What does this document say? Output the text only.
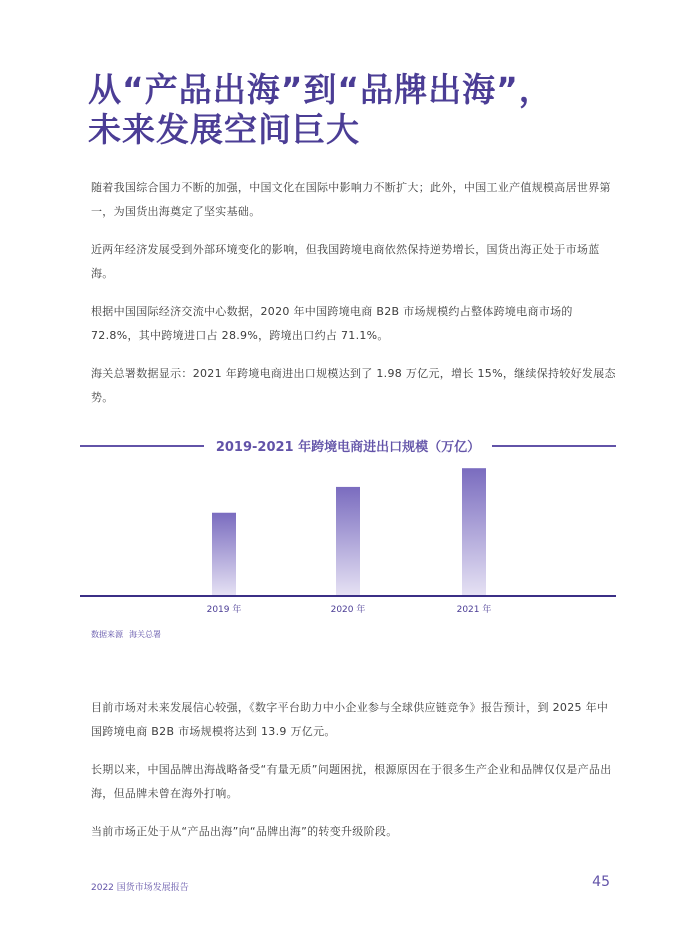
从“产品出海”到“品牌出海”，
未来发展空间巨大

随着我国综合国力不断的加强，中国文化在国际中影响力不断扩大；此外，中国工业产值规模高居世界第一，为国货出海奠定了坚实基础。

近两年经济发展受到外部环境变化的影响，但我国跨境电商依然保持逆势增长，国货出海正处于市场蓝海。

根据中国国际经济交流中心数据，2020 年中国跨境电商 B2B 市场规模约占整体跨境电商市场的 72.8%，其中跨境进口占 28.9%，跨境出口约占 71.1%。

海关总署数据显示：2021 年跨境电商进出口规模达到了 1.98 万亿元，增长 15%，继续保持较好发展态势。

2019 年	2020 年	2021 年
2019-2021 年跨境电商进出口规模（万亿）

数据来源 海关总署

目前市场对未来发展信心较强，《数字平台助力中小企业参与全球供应链竞争》报告预计，到 2025 年中国跨境电商 B2B 市场规模将达到 13.9 万亿元。

长期以来，中国品牌出海战略备受“有量无质”问题困扰，根源原因在于很多生产企业和品牌仅仅是产品出海，但品牌未曾在海外打响。

当前市场正处于从“产品出海”向“品牌出海”的转变升级阶段。

2022 国货市场发展报告	45
